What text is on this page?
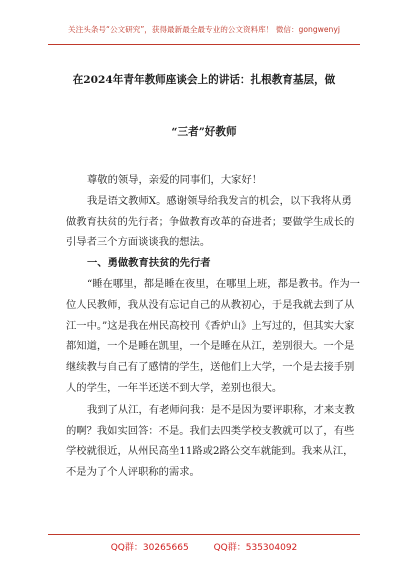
关注头条号“公文研究”，获得最新最全最专业的公文资料库！ 微信：gongwenyj
在2024年青年教师座谈会上的讲话：扎根教育基层，做
“三者”好教师

尊敬的领导，亲爱的同事们，大家好！

我是语文教师X。感谢领导给我发言的机会，以下我将从勇做教育扶贫的先行者；争做教育改革的奋进者；要做学生成长的引导者三个方面谈谈我的想法。

一、勇做教育扶贫的先行者

“睡在哪里，都是睡在夜里，在哪里上班，都是教书。作为一位人民教师，我从没有忘记自己的从教初心，于是我就去到了从江一中。”这是我在州民高校刊《香炉山》上写过的，但其实大家都知道，一个是睡在凯里，一个是睡在从江，差别很大。一个是继续教与自己有了感情的学生，送他们上大学，一个是去接手别人的学生，一年半还送不到大学，差别也很大。

我到了从江，有老师问我：是不是因为要评职称，才来支教的啊？我如实回答：不是。我们去四类学校支教就可以了，有些学校就很近，从州民高坐11路或2路公交车就能到。我来从江，不是为了个人评职称的需求。

QQ群：30265665	QQ群：535304092
